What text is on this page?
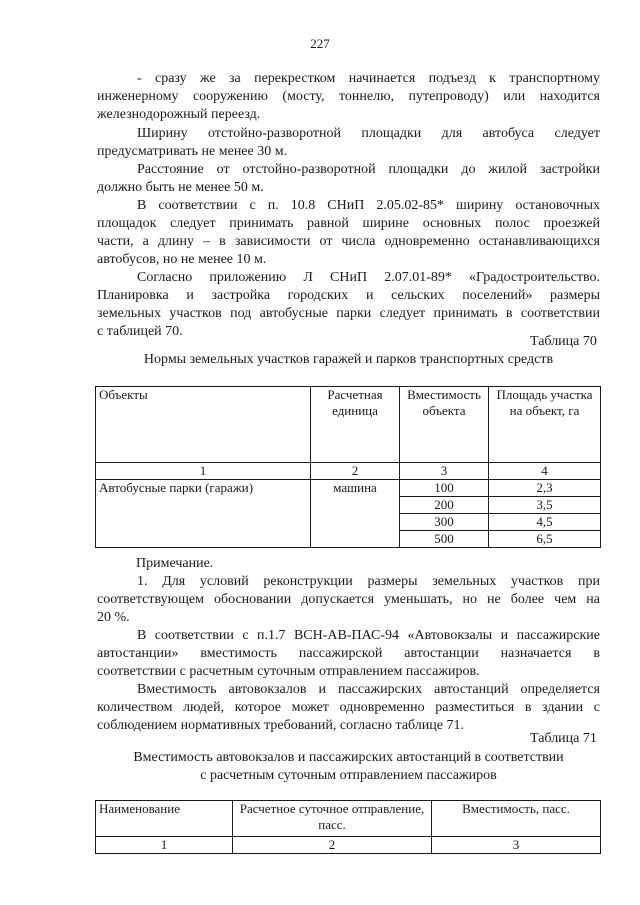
227

- сразу же за перекрестком начинается подъезд к транспортному
инженерному сооружению (мосту, тоннелю, путепроводу) или находится
железнодорожный переезд.

Ширину отстойно-разворотной площадки для автобуса следует
предусматривать не менее 30 м.

Расстояние от отстойно-разворотной площадки до жилой застройки
должно быть не менее 50 м.

В соответствии с п. 10.8 СНиП 2.05.02-85* ширину остановочных
площадок следует принимать равной ширине основных полос проезжей
части, а длину – в зависимости от числа одновременно останавливающихся
автобусов, но не менее 10 м.

Согласно приложению Л СНиП 2.07.01-89* «Градостроительство.
Планировка и застройка городских и сельских поселений» размеры
земельных участков под автобусные парки следует принимать в соответствии
с таблицей 70.

Таблица 70
Нормы земельных участков гаражей и парков транспортных средств
Объекты	Расчетная единица	Вместимость объекта	Площадь участка на объект, га
1	2	3	4
Автобусные парки (гаражи)	машина	100	2,3
		200	3,5
		300	4,5
		500	6,5
Примечание.

1. Для условий реконструкции размеры земельных участков при
соответствующем обосновании допускается уменьшать, но не более чем на
20 %.

В соответствии с п.1.7 ВСН-АВ-ПАС-94 «Автовокзалы и пассажирские
автостанции» вместимость пассажирской автостанции назначается в
соответствии с расчетным суточным отправлением пассажиров.

Вместимость автовокзалов и пассажирских автостанций определяется
количеством людей, которое может одновременно разместиться в здании с
соблюдением нормативных требований, согласно таблице 71.

Таблица 71
Вместимость автовокзалов и пассажирских автостанций в соответствии
с расчетным суточным отправлением пассажиров
Наименование	Расчетное суточное отправление, пасс.	Вместимость, пасс.
1	2	3
